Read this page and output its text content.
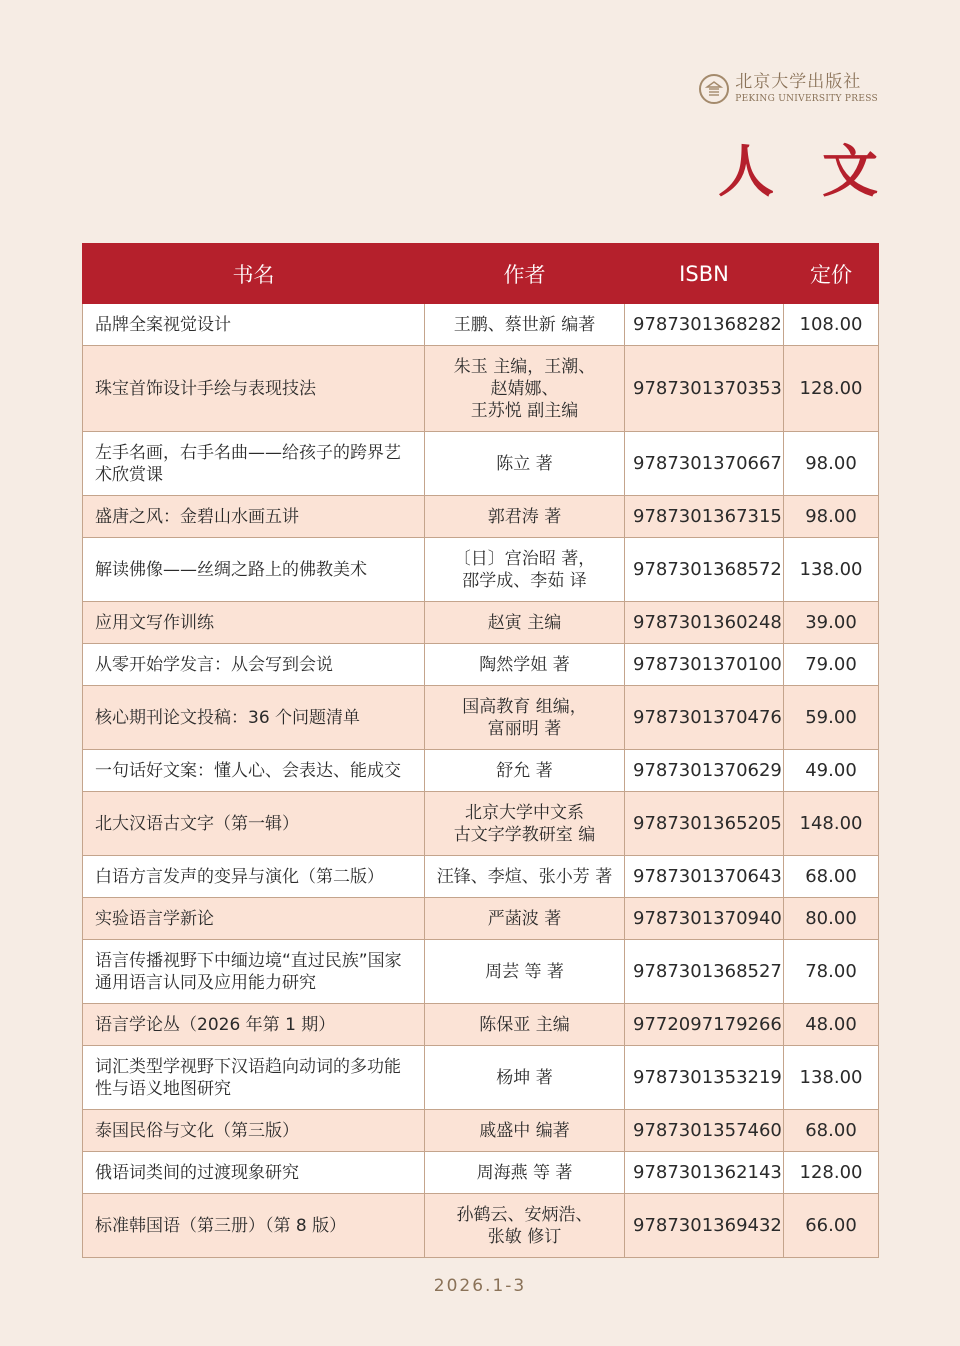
北京大学出版社
PEKING UNIVERSITY PRESS
人文
书名	作者	ISBN	定价
品牌全案视觉设计	王鹏、蔡世新 编著	9787301368282	108.00
珠宝首饰设计手绘与表现技法	朱玉 主编，王潮、
赵婧娜、
王苏悦 副主编	9787301370353	128.00
左手名画，右手名曲——给孩子的跨界艺术欣赏课	陈立 著	9787301370667	98.00
盛唐之风：金碧山水画五讲	郭君涛 著	9787301367315	98.00
解读佛像——丝绸之路上的佛教美术	〔日〕宫治昭 著，
邵学成、李茹 译	9787301368572	138.00
应用文写作训练	赵寅 主编	9787301360248	39.00
从零开始学发言：从会写到会说	陶然学姐 著	9787301370100	79.00
核心期刊论文投稿：36 个问题清单	国高教育 组编，
富丽明 著	9787301370476	59.00
一句话好文案：懂人心、会表达、能成交	舒允 著	9787301370629	49.00
北大汉语古文字（第一辑）	北京大学中文系
古文字学教研室 编	9787301365205	148.00
白语方言发声的变异与演化（第二版）	汪锋、李煊、张小芳 著	9787301370643	68.00
实验语言学新论	严菡波 著	9787301370940	80.00
语言传播视野下中缅边境“直过民族”国家通用语言认同及应用能力研究	周芸 等 著	9787301368527	78.00
语言学论丛（2026 年第 1 期）	陈保亚 主编	9772097179266	48.00
词汇类型学视野下汉语趋向动词的多功能性与语义地图研究	杨坤 著	9787301353219	138.00
泰国民俗与文化（第三版）	戚盛中 编著	9787301357460	68.00
俄语词类间的过渡现象研究	周海燕 等 著	9787301362143	128.00
标准韩国语（第三册）（第 8 版）	孙鹤云、安炳浩、
张敏 修订	9787301369432	66.00
2026.1-3
